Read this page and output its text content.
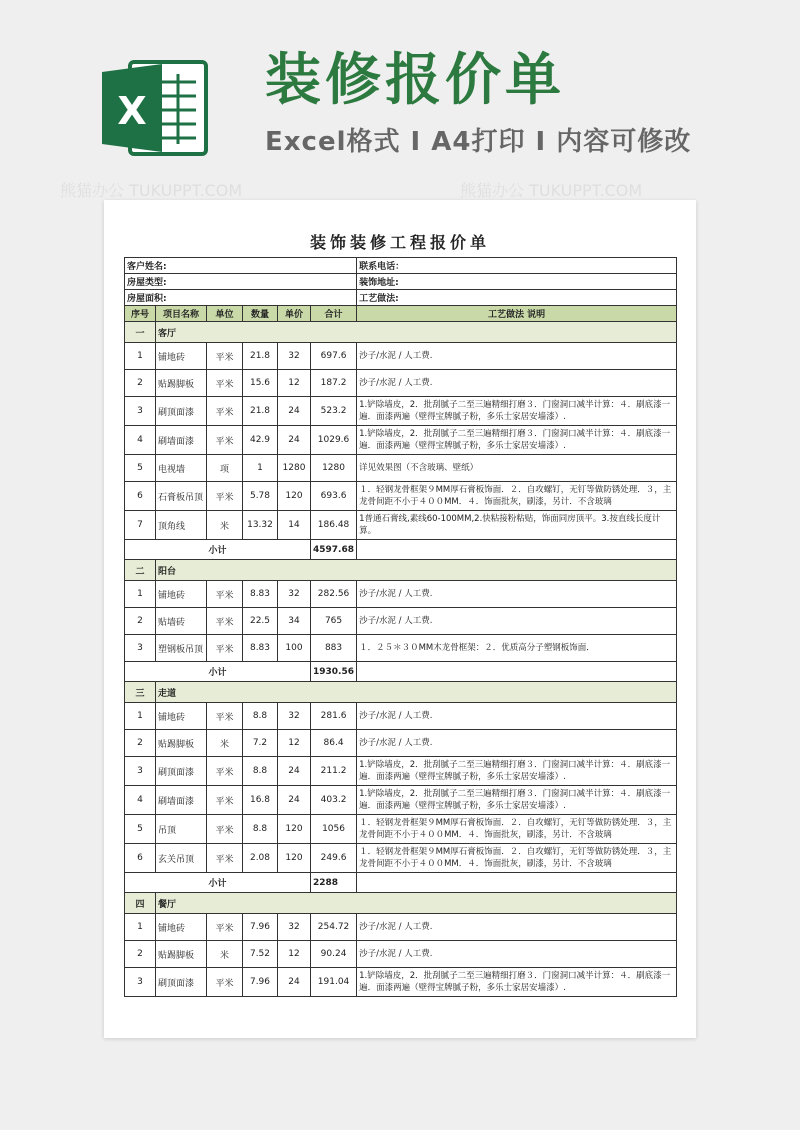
X 装修报价单
Excel格式 I A4打印 I 内容可修改
熊猫办公 TUKUPPT.COM	熊猫办公 TUKUPPT.COM
装饰装修工程报价单
客户姓名:						联系电话：
房屋类型:						装饰地址:
房屋面积:						工艺做法:
序号	项目名称	单位	数量	单价	合计	工艺做法 说明
一	客厅					
1	铺地砖	平米	21.8	32	697.6	沙子/水泥 / 人工费.
2	贴踢脚板	平米	15.6	12	187.2	沙子/水泥 / 人工费.
3	刷顶面漆	平米	21.8	24	523.2	1.铲除墙皮，2．批刮腻子二至三遍精细打磨３．门窗洞口减半计算：４．刷底漆一遍．面漆两遍（壁得宝牌腻子粉，多乐士家居安墙漆）.
4	刷墙面漆	平米	42.9	24	1029.6	1.铲除墙皮，2．批刮腻子二至三遍精细打磨３．门窗洞口减半计算：４．刷底漆一遍．面漆两遍（壁得宝牌腻子粉，多乐士家居安墙漆）.
5	电视墙	项	1	1280	1280	详见效果图（不含玻璃、壁纸）
6	石膏板吊顶	平米	5.78	120	693.6	１．轻钢龙骨框架９MM厚石膏板饰面．２．自攻螺钉，无钉等做防锈处理．３，主龙骨间距不小于４００MM．４．饰面批灰，刷漆，另计．不含玻璃
7	顶角线	米	13.32	14	186.48	1普通石膏线,素线60-100MM,2.快粘接粉粘贴，饰面同房顶平。3.按直线长度计算。
小计					4597.68	
二	阳台					
1	铺地砖	平米	8.83	32	282.56	沙子/水泥 / 人工费.
2	贴墙砖	平米	22.5	34	765	沙子/水泥 / 人工费.
3	塑钢板吊顶	平米	8.83	100	883	１．２５＊３０MM木龙骨框架：２．优质高分子塑钢板饰面．
小计					1930.56	
三	走道					
1	铺地砖	平米	8.8	32	281.6	沙子/水泥 / 人工费.
2	贴踢脚板	米	7.2	12	86.4	沙子/水泥 / 人工费.
3	刷顶面漆	平米	8.8	24	211.2	1.铲除墙皮，2．批刮腻子二至三遍精细打磨３．门窗洞口减半计算：４．刷底漆一遍．面漆两遍（壁得宝牌腻子粉，多乐士家居安墙漆）.
4	刷墙面漆	平米	16.8	24	403.2	1.铲除墙皮，2．批刮腻子二至三遍精细打磨３．门窗洞口减半计算：４．刷底漆一遍．面漆两遍（壁得宝牌腻子粉，多乐士家居安墙漆）.
5	吊顶	平米	8.8	120	1056	１．轻钢龙骨框架９MM厚石膏板饰面．２．自攻螺钉，无钉等做防锈处理．３，主龙骨间距不小于４００MM．４．饰面批灰，刷漆，另计．不含玻璃
6	玄关吊顶	平米	2.08	120	249.6	１．轻钢龙骨框架９MM厚石膏板饰面．２．自攻螺钉，无钉等做防锈处理．３，主龙骨间距不小于４００MM．４．饰面批灰，刷漆，另计．不含玻璃
小计					2288	
四	餐厅					
1	铺地砖	平米	7.96	32	254.72	沙子/水泥 / 人工费.
2	贴踢脚板	米	7.52	12	90.24	沙子/水泥 / 人工费.
3	刷顶面漆	平米	7.96	24	191.04	1.铲除墙皮，2．批刮腻子二至三遍精细打磨３．门窗洞口减半计算：４．刷底漆一遍．面漆两遍（壁得宝牌腻子粉，多乐士家居安墙漆）.
